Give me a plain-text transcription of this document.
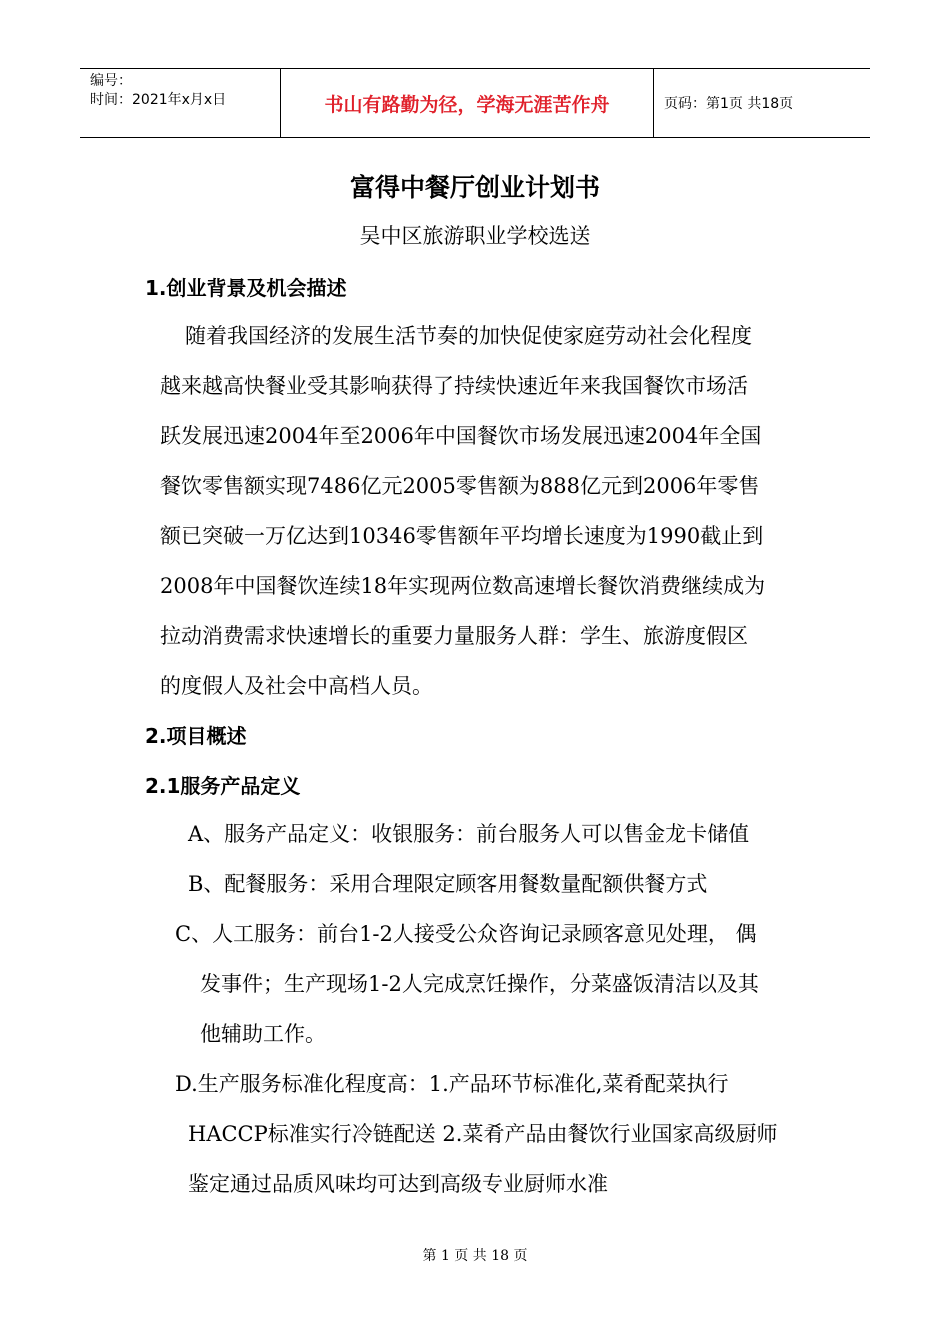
编号：
时间：2021年x月x日	书山有路勤为径，学海无涯苦作舟	页码：第1页 共18页
富得中餐厅创业计划书
吴中区旅游职业学校选送
1.创业背景及机会描述
随着我国经济的发展生活节奏的加快促使家庭劳动社会化程度
越来越高快餐业受其影响获得了持续快速近年来我国餐饮市场活
跃发展迅速2004年至2006年中国餐饮市场发展迅速2004年全国
餐饮零售额实现7486亿元2005零售额为888亿元到2006年零售
额已突破一万亿达到10346零售额年平均增长速度为1990截止到
2008年中国餐饮连续18年实现两位数高速增长餐饮消费继续成为
拉动消费需求快速增长的重要力量服务人群：学生、旅游度假区
的度假人及社会中高档人员。
2.项目概述
2.1服务产品定义
A、服务产品定义：收银服务：前台服务人可以售金龙卡储值
B、配餐服务：采用合理限定顾客用餐数量配额供餐方式
C、人工服务：前台1-2人接受公众咨询记录顾客意见处理， 偶
发事件；生产现场1-2人完成烹饪操作，分菜盛饭清洁以及其
他辅助工作。
D.生产服务标准化程度高：1.产品环节标准化,菜肴配菜执行
HACCP标准实行冷链配送 2.菜肴产品由餐饮行业国家高级厨师
鉴定通过品质风味均可达到高级专业厨师水准
第 1 页 共 18 页
